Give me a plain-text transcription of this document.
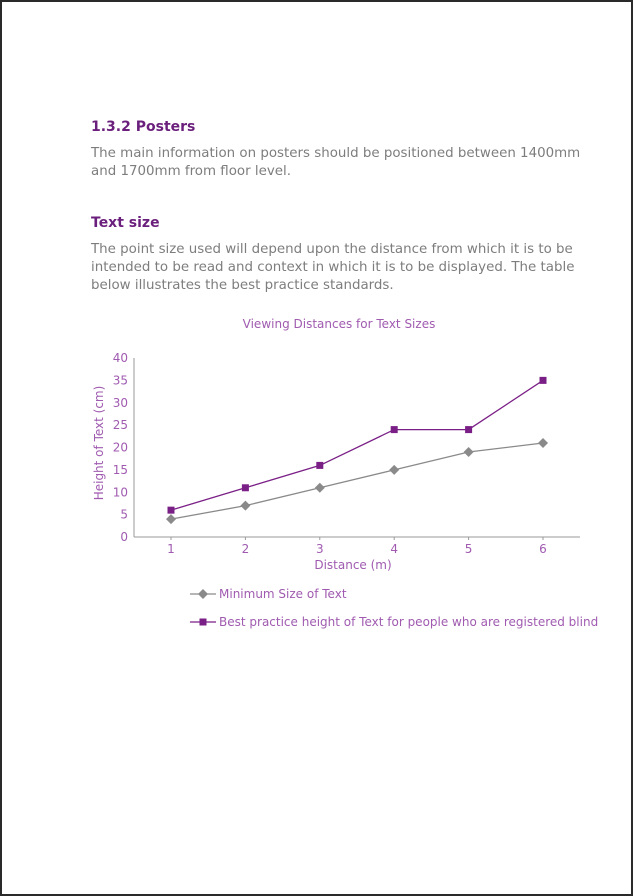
1.3.2 Posters

The main information on posters should be positioned between 1400mm and 1700mm from floor level.

Text size

The point size used will depend upon the distance from which it is to be intended to be read and context in which it is to be displayed. The table below illustrates the best practice standards.

Viewing Distances for Text Sizes
0
5
10
15
20
25
30
35
40
1	2	3	4	5	6
Distance (m)
Height of Text (cm)
Minimum Size of Text
Best practice height of Text for people who are registered blind
